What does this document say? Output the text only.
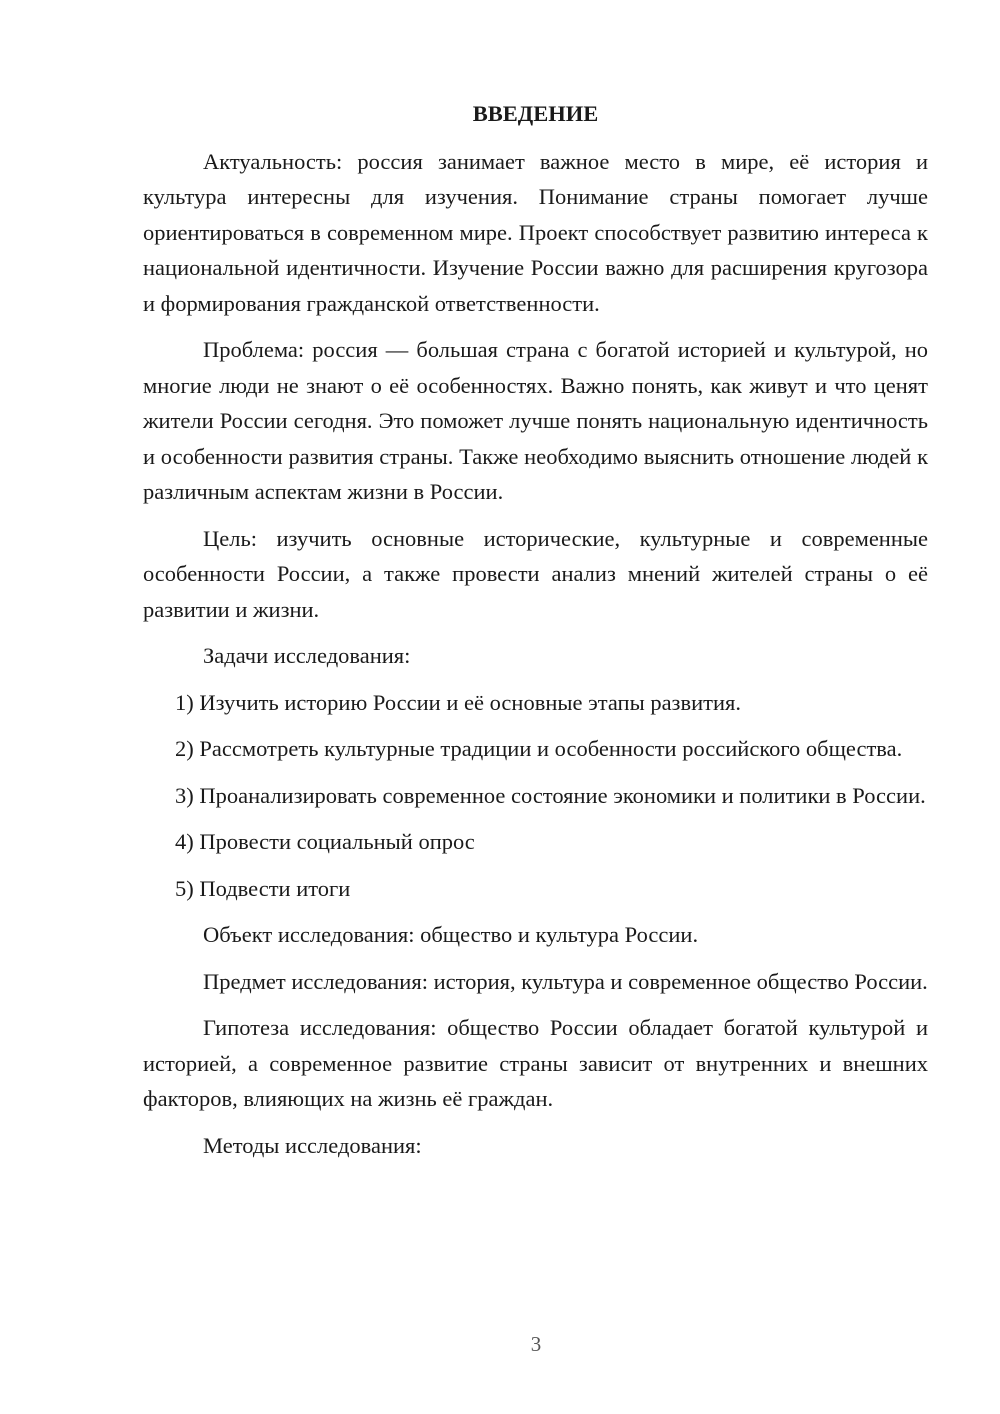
ВВЕДЕНИЕ

Актуальность: россия занимает важное место в мире, её история и культура интересны для изучения. Понимание страны помогает лучше ориентироваться в современном мире. Проект способствует развитию интереса к национальной идентичности. Изучение России важно для расширения кругозора и формирования гражданской ответственности.

Проблема: россия — большая страна с богатой историей и культурой, но многие люди не знают о её особенностях. Важно понять, как живут и что ценят жители России сегодня. Это поможет лучше понять национальную идентичность и особенности развития страны. Также необходимо выяснить отношение людей к различным аспектам жизни в России.

Цель: изучить основные исторические, культурные и современные особенности России, а также провести анализ мнений жителей страны о её развитии и жизни.

Задачи исследования:

1) Изучить историю России и её основные этапы развития.

2) Рассмотреть культурные традиции и особенности российского общества.

3) Проанализировать современное состояние экономики и политики в России.

4) Провести социальный опрос

5) Подвести итоги

Объект исследования: общество и культура России.

Предмет исследования: история, культура и современное общество России.

Гипотеза исследования: общество России обладает богатой культурой и историей, а современное развитие страны зависит от внутренних и внешних факторов, влияющих на жизнь её граждан.

Методы исследования:

3
